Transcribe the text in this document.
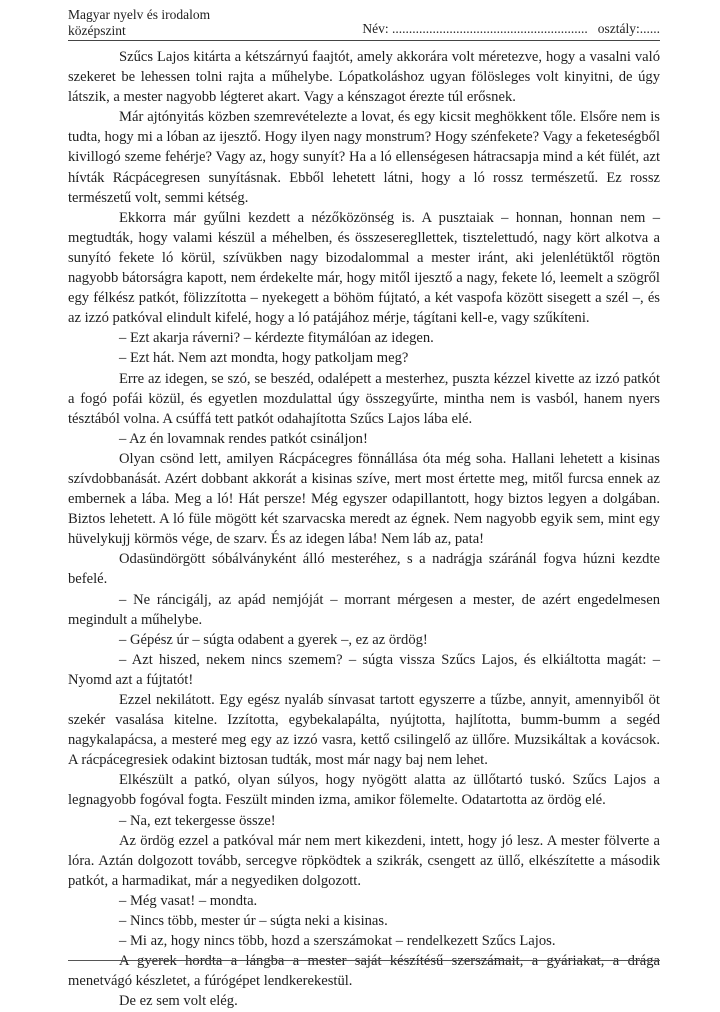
Magyar nyelv és irodalom
középszint	Név: .......................................................... osztály:......

Szűcs Lajos kitárta a kétszárnyú faajtót, amely akkorára volt méretezve, hogy a vasalni való szekeret be lehessen tolni rajta a műhelybe. Lópatkoláshoz ugyan fölösleges volt kinyitni, de úgy látszik, a mester nagyobb légteret akart. Vagy a kénszagot érezte túl erősnek.

Már ajtónyitás közben szemrevételezte a lovat, és egy kicsit meghökkent tőle. Elsőre nem is tudta, hogy mi a lóban az ijesztő. Hogy ilyen nagy monstrum? Hogy szénfekete? Vagy a feketeségből kivillogó szeme fehérje? Vagy az, hogy sunyít? Ha a ló ellenségesen hátracsapja mind a két fülét, azt hívták Rácpácegresen sunyításnak. Ebből lehetett látni, hogy a ló rossz természetű. Ez rossz természetű volt, semmi kétség.

Ekkorra már gyűlni kezdett a nézőközönség is. A pusztaiak – honnan, honnan nem – megtudták, hogy valami készül a méhelben, és összeseregllettek, tisztelettudó, nagy kört alkotva a sunyító fekete ló körül, szívükben nagy bizodalommal a mester iránt, aki jelenlétüktől rögtön nagyobb bátorságra kapott, nem érdekelte már, hogy mitől ijesztő a nagy, fekete ló, leemelt a szögről egy félkész patkót, fölizzította – nyekegett a böhöm fújtató, a két vaspofa között sisegett a szél –, és az izzó patkóval elindult kifelé, hogy a ló patájához mérje, tágítani kell-e, vagy szűkíteni.

– Ezt akarja ráverni? – kérdezte fitymálóan az idegen.

– Ezt hát. Nem azt mondta, hogy patkoljam meg?

Erre az idegen, se szó, se beszéd, odalépett a mesterhez, puszta kézzel kivette az izzó patkót a fogó pofái közül, és egyetlen mozdulattal úgy összegyűrte, mintha nem is vasból, hanem nyers tésztából volna. A csúffá tett patkót odahajította Szűcs Lajos lába elé.

– Az én lovamnak rendes patkót csináljon!

Olyan csönd lett, amilyen Rácpácegres fönnállása óta még soha. Hallani lehetett a kisinas szívdobbanását. Azért dobbant akkorát a kisinas szíve, mert most értette meg, mitől furcsa ennek az embernek a lába. Meg a ló! Hát persze! Még egyszer odapillantott, hogy biztos legyen a dolgában. Biztos lehetett. A ló füle mögött két szarvacska meredt az égnek. Nem nagyobb egyik sem, mint egy hüvelykujj körmös vége, de szarv. És az idegen lába! Nem láb az, pata!

Odasündörgött sóbálványként álló mesteréhez, s a nadrágja száránál fogva húzni kezdte befelé.

– Ne ráncigálj, az apád nemjóját – morrant mérgesen a mester, de azért engedelmesen megindult a műhelybe.

– Gépész úr – súgta odabent a gyerek –, ez az ördög!

– Azt hiszed, nekem nincs szemem? – súgta vissza Szűcs Lajos, és elkiáltotta magát: – Nyomd azt a fújtatót!

Ezzel nekilátott. Egy egész nyaláb sínvasat tartott egyszerre a tűzbe, annyit, amennyiből öt szekér vasalása kitelne. Izzította, egybekalapálta, nyújtotta, hajlította, bumm-bumm a segéd nagykalapácsa, a mesteré meg egy az izzó vasra, kettő csilingelő az üllőre. Muzsikáltak a kovácsok. A rácpácegresiek odakint biztosan tudták, most már nagy baj nem lehet.

Elkészült a patkó, olyan súlyos, hogy nyögött alatta az üllőtartó tuskó. Szűcs Lajos a legnagyobb fogóval fogta. Feszült minden izma, amikor fölemelte. Odatartotta az ördög elé.

– Na, ezt tekergesse össze!

Az ördög ezzel a patkóval már nem mert kikezdeni, intett, hogy jó lesz. A mester fölverte a lóra. Aztán dolgozott tovább, sercegve röpködtek a szikrák, csengett az üllő, elkészítette a második patkót, a harmadikat, már a negyediken dolgozott.

– Még vasat! – mondta.

– Nincs több, mester úr – súgta neki a kisinas.

– Mi az, hogy nincs több, hozd a szerszámokat – rendelkezett Szűcs Lajos.

A gyerek hordta a lángba a mester saját készítésű szerszámait, a gyáriakat, a drága menetvágó készletet, a fúrógépet lendkerekestül.

De ez sem volt elég.
